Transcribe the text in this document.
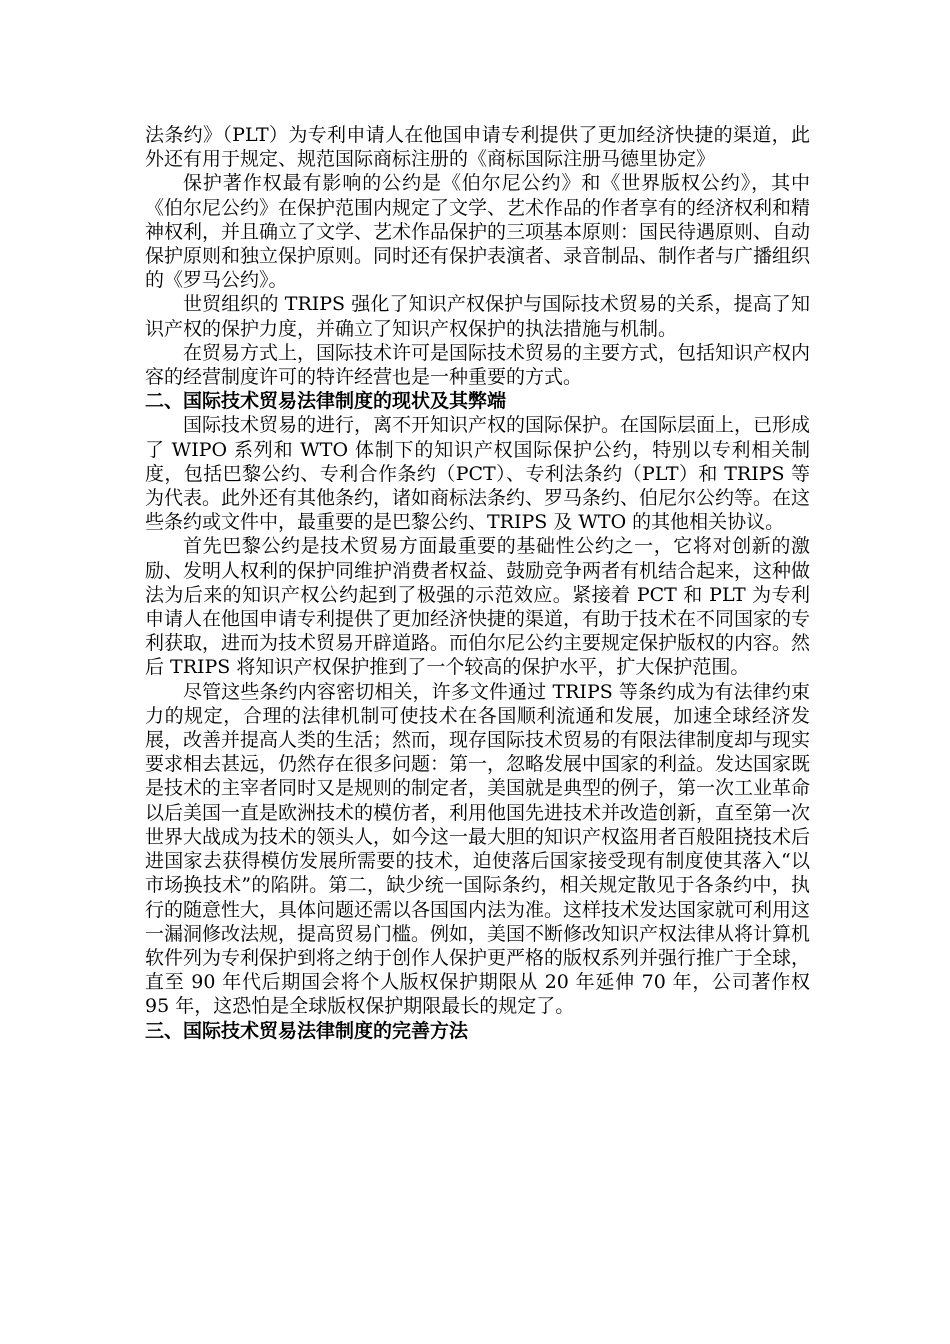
法条约》（PLT）为专利申请人在他国申请专利提供了更加经济快捷的渠道，此外还有用于规定、规范国际商标注册的《商标国际注册马德里协定》

保护著作权最有影响的公约是《伯尔尼公约》和《世界版权公约》，其中《伯尔尼公约》在保护范围内规定了文学、艺术作品的作者享有的经济权利和精神权利，并且确立了文学、艺术作品保护的三项基本原则：国民待遇原则、自动保护原则和独立保护原则。同时还有保护表演者、录音制品、制作者与广播组织的《罗马公约》。

世贸组织的 TRIPS 强化了知识产权保护与国际技术贸易的关系，提高了知识产权的保护力度，并确立了知识产权保护的执法措施与机制。

在贸易方式上，国际技术许可是国际技术贸易的主要方式，包括知识产权内容的经营制度许可的特许经营也是一种重要的方式。

二、国际技术贸易法律制度的现状及其弊端

国际技术贸易的进行，离不开知识产权的国际保护。在国际层面上，已形成了 WIPO 系列和 WTO 体制下的知识产权国际保护公约，特别以专利相关制度，包括巴黎公约、专利合作条约（PCT）、专利法条约（PLT）和 TRIPS 等为代表。此外还有其他条约，诸如商标法条约、罗马条约、伯尼尔公约等。在这些条约或文件中，最重要的是巴黎公约、TRIPS 及 WTO 的其他相关协议。

首先巴黎公约是技术贸易方面最重要的基础性公约之一，它将对创新的激励、发明人权利的保护同维护消费者权益、鼓励竞争两者有机结合起来，这种做法为后来的知识产权公约起到了极强的示范效应。紧接着 PCT 和 PLT 为专利申请人在他国申请专利提供了更加经济快捷的渠道，有助于技术在不同国家的专利获取，进而为技术贸易开辟道路。而伯尔尼公约主要规定保护版权的内容。然后 TRIPS 将知识产权保护推到了一个较高的保护水平，扩大保护范围。

尽管这些条约内容密切相关，许多文件通过 TRIPS 等条约成为有法律约束力的规定，合理的法律机制可使技术在各国顺利流通和发展，加速全球经济发展，改善并提高人类的生活；然而，现存国际技术贸易的有限法律制度却与现实要求相去甚远，仍然存在很多问题：第一，忽略发展中国家的利益。发达国家既是技术的主宰者同时又是规则的制定者，美国就是典型的例子，第一次工业革命以后美国一直是欧洲技术的模仿者，利用他国先进技术并改造创新，直至第一次世界大战成为技术的领头人，如今这一最大胆的知识产权盗用者百般阻挠技术后进国家去获得模仿发展所需要的技术，迫使落后国家接受现有制度使其落入“以市场换技术”的陷阱。第二，缺少统一国际条约，相关规定散见于各条约中，执行的随意性大，具体问题还需以各国国内法为准。这样技术发达国家就可利用这一漏洞修改法规，提高贸易门槛。例如，美国不断修改知识产权法律从将计算机软件列为专利保护到将之纳于创作人保护更严格的版权系列并强行推广于全球，直至 90 年代后期国会将个人版权保护期限从 20 年延伸 70 年，公司著作权 95 年，这恐怕是全球版权保护期限最长的规定了。

三、国际技术贸易法律制度的完善方法
